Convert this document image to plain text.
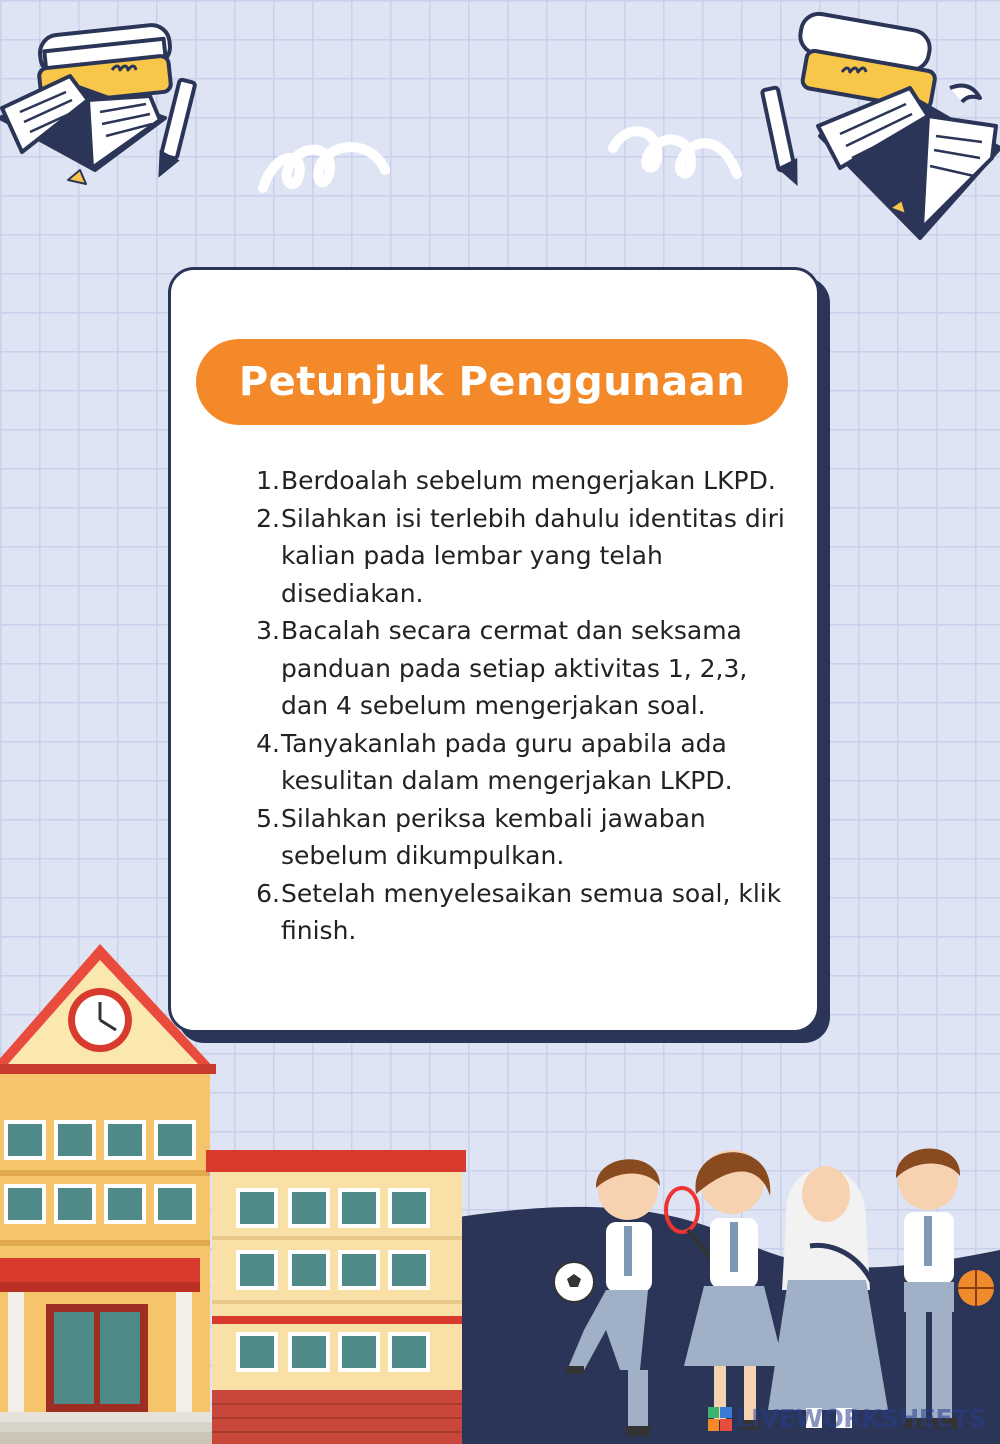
Petunjuk Penggunaan
1. Berdoalah sebelum mengerjakan LKPD.
2. Silahkan isi terlebih dahulu identitas diri kalian pada lembar yang telah disediakan.
3. Bacalah secara cermat dan seksama panduan pada setiap aktivitas 1, 2,3, dan 4 sebelum mengerjakan soal.
4. Tanyakanlah pada guru apabila ada kesulitan dalam mengerjakan LKPD.
5. Silahkan periksa kembali jawaban sebelum dikumpulkan.
6. Setelah menyelesaikan semua soal, klik finish.
LIVEWORKSHEETS
